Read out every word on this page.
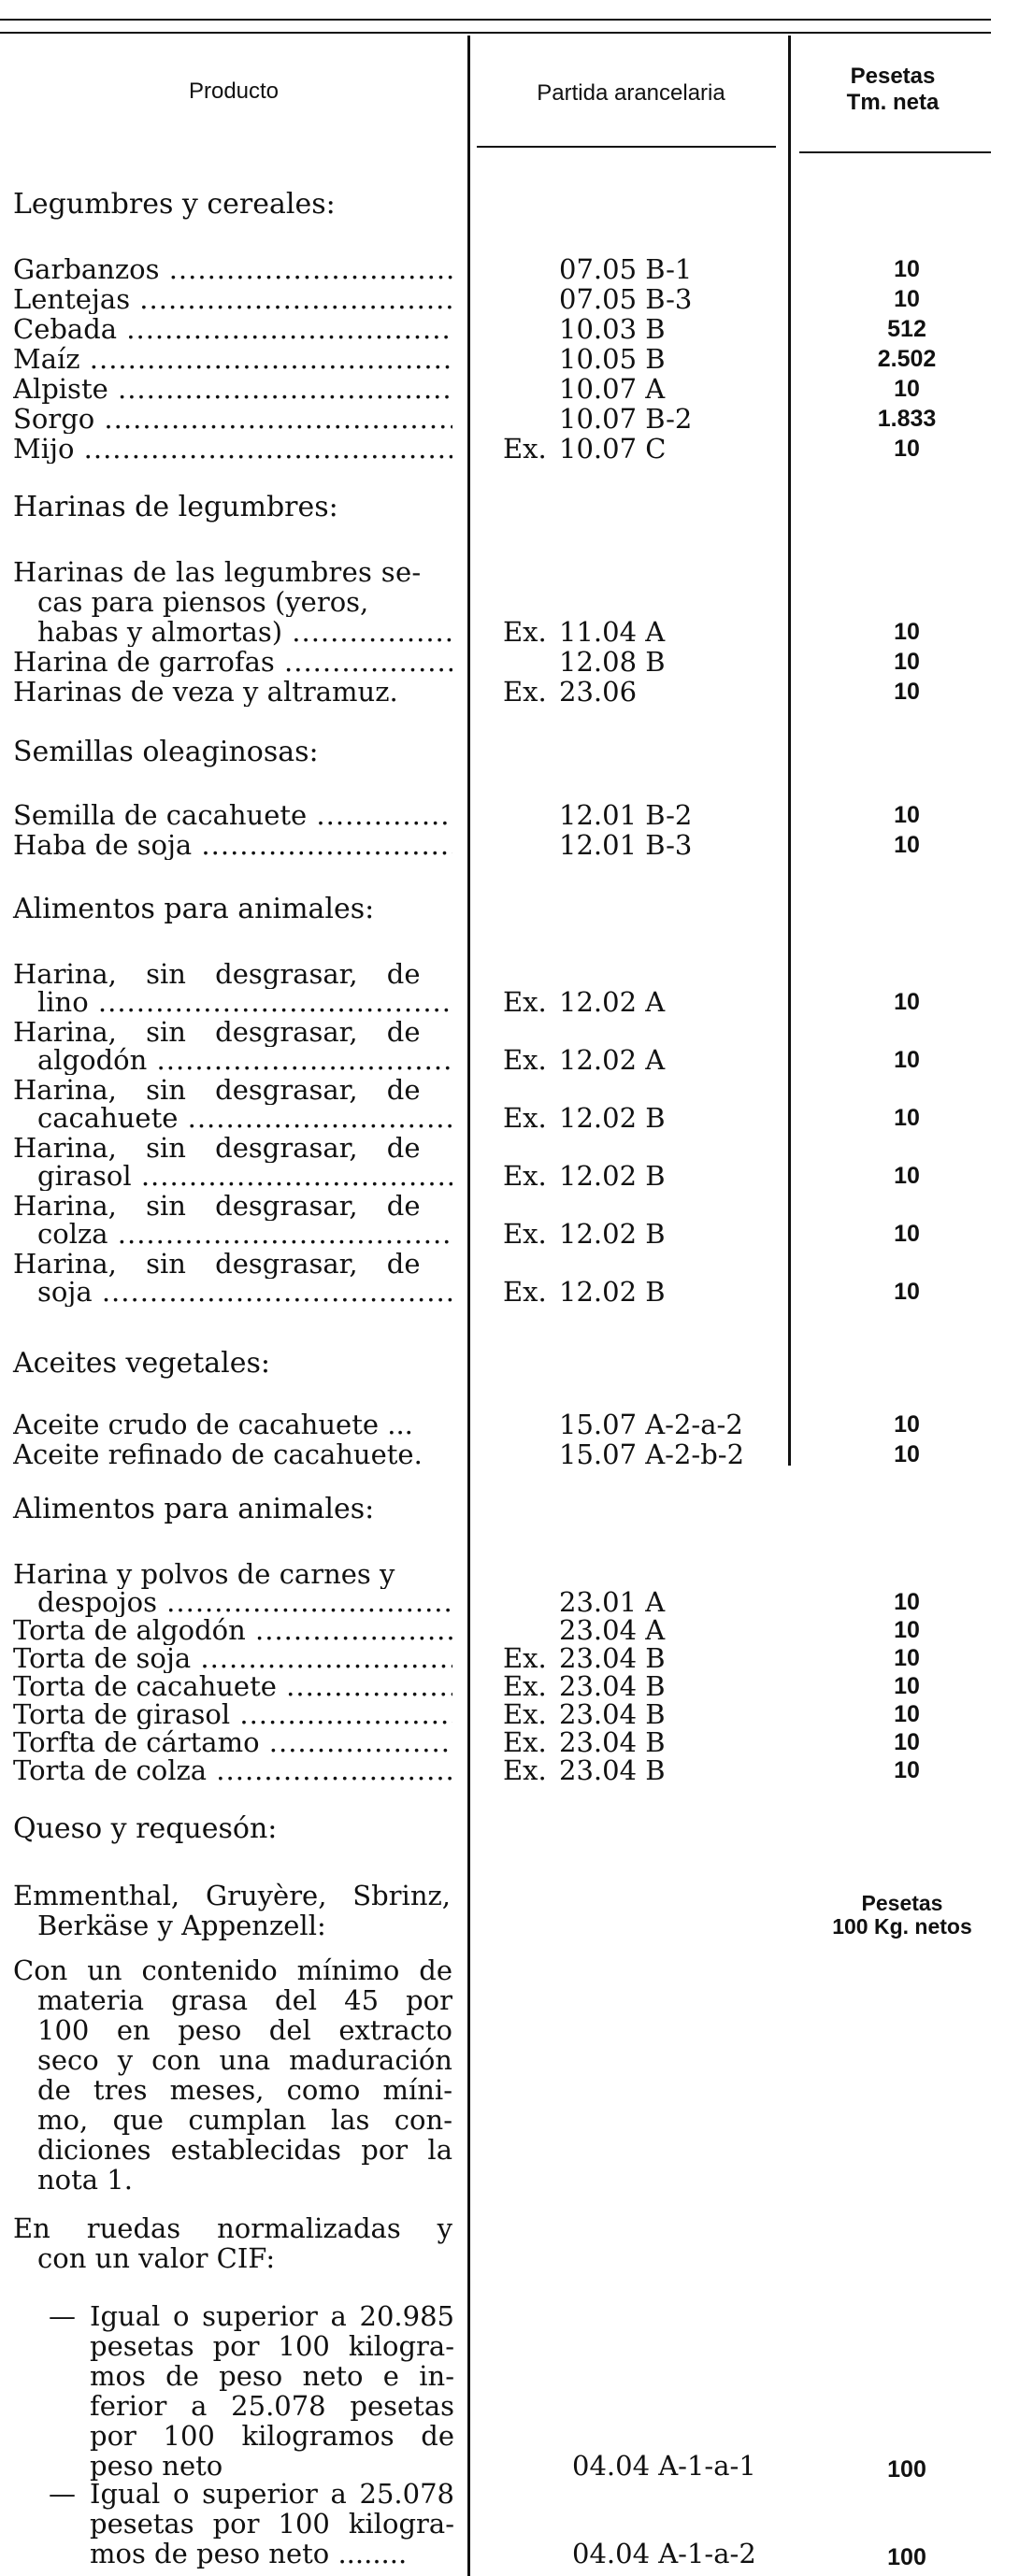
Producto	Partida arancelaria
Pesetas
Tm. neta
Legumbres y cereales:
Garbanzos .....	07.05 B-1	10
Lentejas .....	07.05 B-3	10
Cebada .....	10.03 B	512
Maíz .....	10.05 B	2.502
Alpiste .....	10.07 A	10
Sorgo .....	10.07 B-2	1.833
Mijo .....	Ex. 10.07 C	10
Harinas de legumbres:
Harinas de las legumbres se-
cas para piensos (yeros,
habas y almortas) .....	Ex. 11.04 A	10
Harina de garrofas .....	12.08 B	10
Harinas de veza y altramuz.	Ex. 23.06	10
Semillas oleaginosas:
Semilla de cacahuete .....	12.01 B-2	10
Haba de soja .....	12.01 B-3	10
Alimentos para animales:
Harina, sin desgrasar, de
lino .....	Ex. 12.02 A	10
Harina, sin desgrasar, de
algodón .....	Ex. 12.02 A	10
Harina, sin desgrasar, de
cacahuete .....	Ex. 12.02 B	10
Harina, sin desgrasar, de
girasol .....	Ex. 12.02 B	10
Harina, sin desgrasar, de
colza .....	Ex. 12.02 B	10
Harina, sin desgrasar, de
soja .....	Ex. 12.02 B	10
Aceites vegetales:
Aceite crudo de cacahuete ...	15.07 A-2-a-2	10
Aceite refinado de cacahuete.	15.07 A-2-b-2	10
Alimentos para animales:
Harina y polvos de carnes y
despojos .....	23.01 A	10
Torta de algodón .....	23.04 A	10
Torta de soja .....	Ex. 23.04 B	10
Torta de cacahuete .....	Ex. 23.04 B	10
Torta de girasol .....	Ex. 23.04 B	10
Torfta de cártamo .....	Ex. 23.04 B	10
Torta de colza .....	Ex. 23.04 B	10
Queso y requesón:
Emmenthal, Gruyère, Sbrinz,
Berkäse y Appenzell:
Pesetas
100 Kg. netos
Con un contenido mínimo de
materia grasa del 45 por
100 en peso del extracto
seco y con una maduración
de tres meses, como míni-
mo, que cumplan las con-
diciones establecidas por la
nota 1.
En ruedas normalizadas y
con un valor CIF:
— Igual o superior a 20.985
pesetas por 100 kilogra-
mos de peso neto e in-
ferior a 25.078 pesetas
por 100 kilogramos de
peso neto	04.04 A-1-a-1	100
— Igual o superior a 25.078
pesetas por 100 kilogra-
mos de peso neto ........	04.04 A-1-a-2	100
